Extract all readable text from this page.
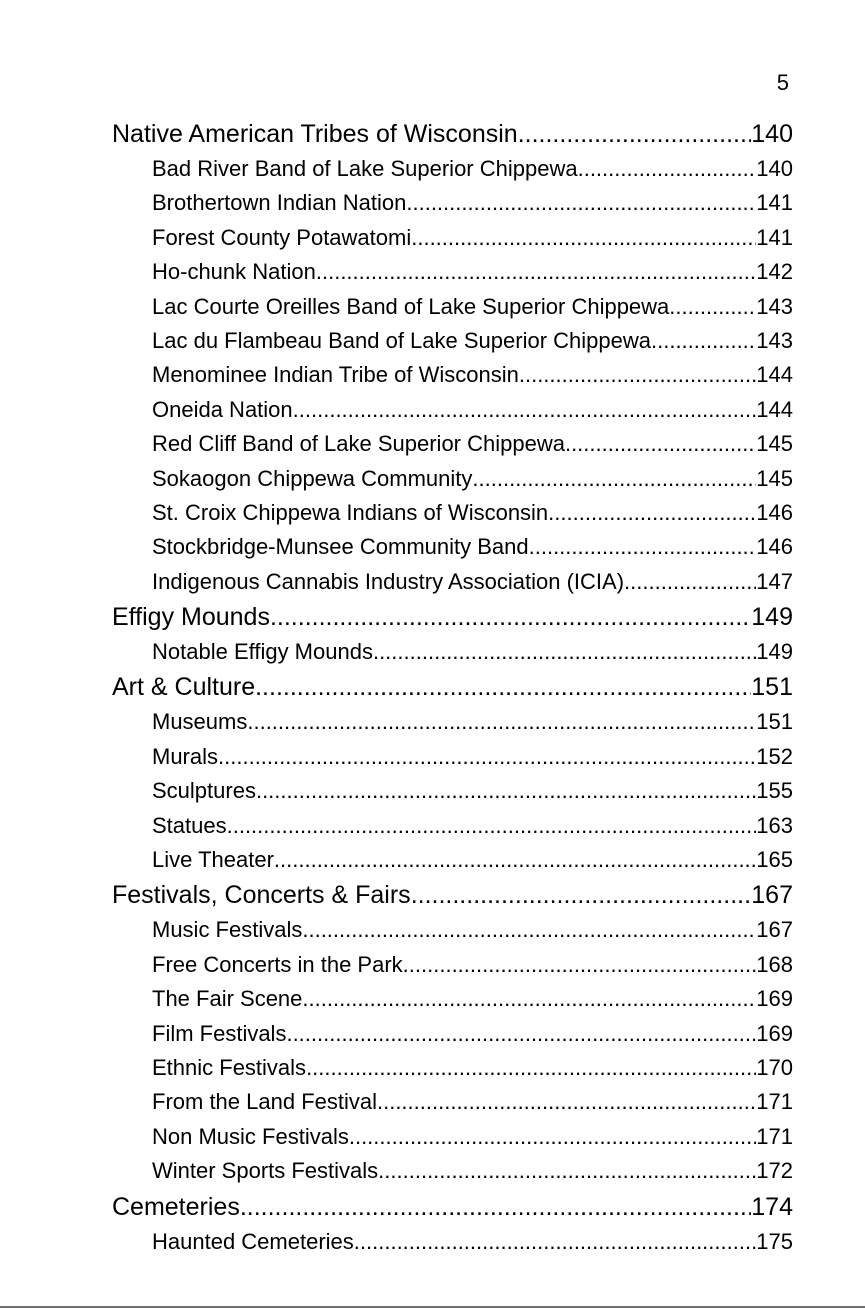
5
Native American Tribes of Wisconsin .....	140
Bad River Band of Lake Superior Chippewa .....	140
Brothertown Indian Nation .....	141
Forest County Potawatomi .....	141
Ho-chunk Nation .....	142
Lac Courte Oreilles Band of Lake Superior Chippewa .....	143
Lac du Flambeau Band of Lake Superior Chippewa .....	143
Menominee Indian Tribe of Wisconsin .....	144
Oneida Nation .....	144
Red Cliff Band of Lake Superior Chippewa .....	145
Sokaogon Chippewa Community .....	145
St. Croix Chippewa Indians of Wisconsin .....	146
Stockbridge-Munsee Community Band .....	146
Indigenous Cannabis Industry Association (ICIA) .....	147
Effigy Mounds .....	149
Notable Effigy Mounds .....	149
Art & Culture .....	151
Museums .....	151
Murals .....	152
Sculptures .....	155
Statues .....	163
Live Theater .....	165
Festivals, Concerts & Fairs .....	167
Music Festivals .....	167
Free Concerts in the Park .....	168
The Fair Scene .....	169
Film Festivals .....	169
Ethnic Festivals .....	170
From the Land Festival .....	171
Non Music Festivals .....	171
Winter Sports Festivals .....	172
Cemeteries .....	174
Haunted Cemeteries .....	175
